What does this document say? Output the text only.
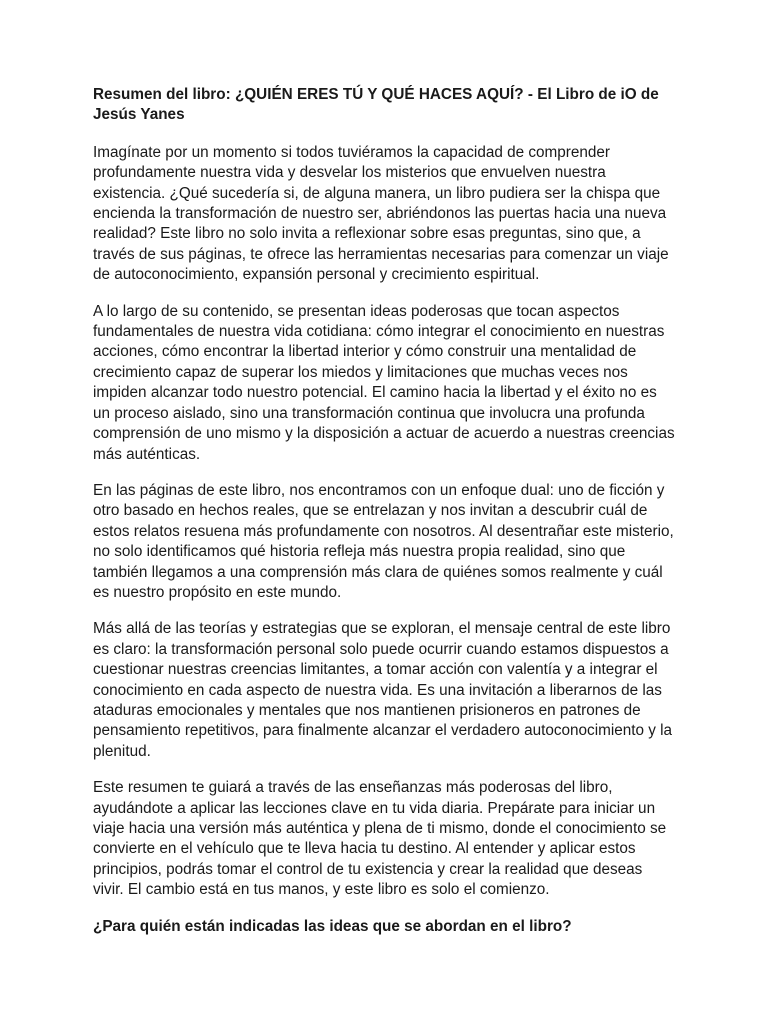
Resumen del libro: ¿QUIÉN ERES TÚ Y QUÉ HACES AQUÍ? - El Libro de iO de Jesús Yanes

Imagínate por un momento si todos tuviéramos la capacidad de comprender profundamente nuestra vida y desvelar los misterios que envuelven nuestra existencia. ¿Qué sucedería si, de alguna manera, un libro pudiera ser la chispa que encienda la transformación de nuestro ser, abriéndonos las puertas hacia una nueva realidad? Este libro no solo invita a reflexionar sobre esas preguntas, sino que, a través de sus páginas, te ofrece las herramientas necesarias para comenzar un viaje de autoconocimiento, expansión personal y crecimiento espiritual.

A lo largo de su contenido, se presentan ideas poderosas que tocan aspectos fundamentales de nuestra vida cotidiana: cómo integrar el conocimiento en nuestras acciones, cómo encontrar la libertad interior y cómo construir una mentalidad de crecimiento capaz de superar los miedos y limitaciones que muchas veces nos impiden alcanzar todo nuestro potencial. El camino hacia la libertad y el éxito no es un proceso aislado, sino una transformación continua que involucra una profunda comprensión de uno mismo y la disposición a actuar de acuerdo a nuestras creencias más auténticas.

En las páginas de este libro, nos encontramos con un enfoque dual: uno de ficción y otro basado en hechos reales, que se entrelazan y nos invitan a descubrir cuál de estos relatos resuena más profundamente con nosotros. Al desentrañar este misterio, no solo identificamos qué historia refleja más nuestra propia realidad, sino que también llegamos a una comprensión más clara de quiénes somos realmente y cuál es nuestro propósito en este mundo.

Más allá de las teorías y estrategias que se exploran, el mensaje central de este libro es claro: la transformación personal solo puede ocurrir cuando estamos dispuestos a cuestionar nuestras creencias limitantes, a tomar acción con valentía y a integrar el conocimiento en cada aspecto de nuestra vida. Es una invitación a liberarnos de las ataduras emocionales y mentales que nos mantienen prisioneros en patrones de pensamiento repetitivos, para finalmente alcanzar el verdadero autoconocimiento y la plenitud.

Este resumen te guiará a través de las enseñanzas más poderosas del libro, ayudándote a aplicar las lecciones clave en tu vida diaria. Prepárate para iniciar un viaje hacia una versión más auténtica y plena de ti mismo, donde el conocimiento se convierte en el vehículo que te lleva hacia tu destino. Al entender y aplicar estos principios, podrás tomar el control de tu existencia y crear la realidad que deseas vivir. El cambio está en tus manos, y este libro es solo el comienzo.

¿Para quién están indicadas las ideas que se abordan en el libro?
